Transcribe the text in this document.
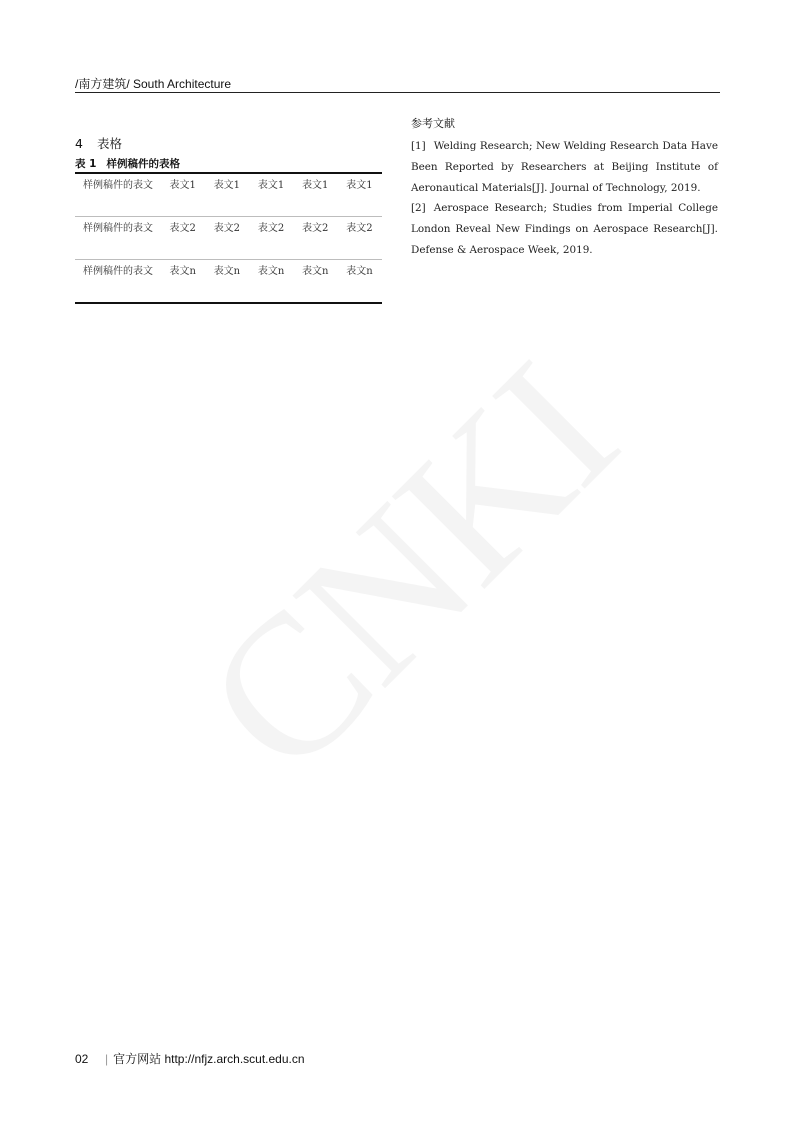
/南方建筑/ South Architecture
4 表格
表 1 样例稿件的表格
样例稿件的表文	表文1	表文1	表文1	表文1	表文1
样例稿件的表文	表文2	表文2	表文2	表文2	表文2
样例稿件的表文	表文n	表文n	表文n	表文n	表文n
参考文献

[1] Welding Research; New Welding Research Data Have Been Reported by Researchers at Beijing Institute of Aeronautical Materials[J]. Journal of Technology, 2019.

[2] Aerospace Research; Studies from Imperial College London Reveal New Findings on Aerospace Research[J]. Defense & Aerospace Week, 2019.

02 | 官方网站 http://nfjz.arch.scut.edu.cn
